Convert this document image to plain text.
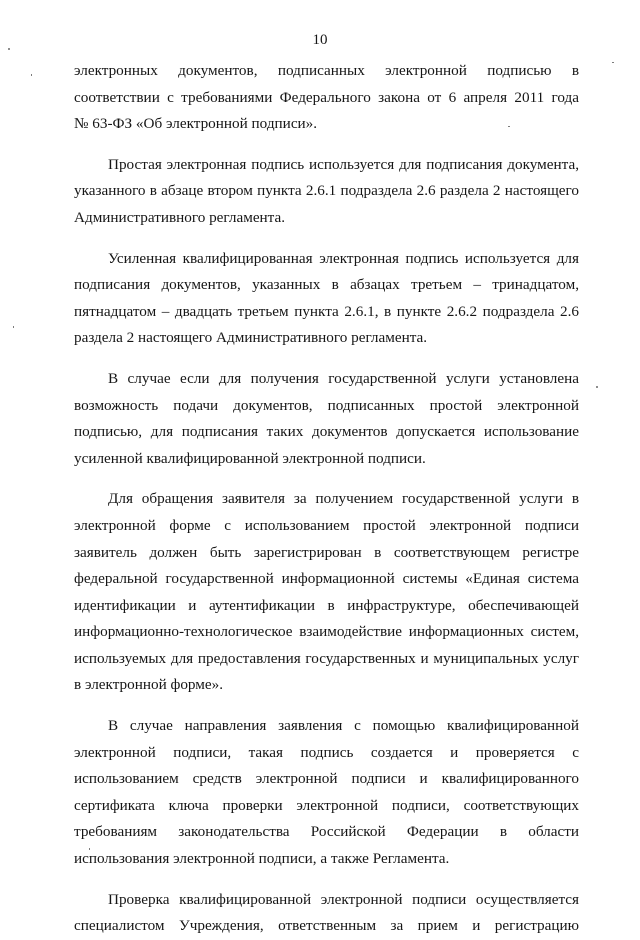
10
электронных документов, подписанных электронной подписью в
соответствии с требованиями Федерального закона от 6 апреля 2011 года
№ 63-ФЗ «Об электронной подписи».
Простая электронная подпись используется для подписания документа,
указанного в абзаце втором пункта 2.6.1 подраздела 2.6 раздела 2 настоящего
Административного регламента.
Усиленная квалифицированная электронная подпись используется для
подписания документов, указанных в абзацах третьем – тринадцатом,
пятнадцатом – двадцать третьем пункта 2.6.1, в пункте 2.6.2 подраздела 2.6
раздела 2 настоящего Административного регламента.
В случае если для получения государственной услуги установлена
возможность подачи документов, подписанных простой электронной
подписью, для подписания таких документов допускается использование
усиленной квалифицированной электронной подписи.
Для обращения заявителя за получением государственной услуги в
электронной форме с использованием простой электронной подписи
заявитель должен быть зарегистрирован в соответствующем регистре
федеральной государственной информационной системы «Единая система
идентификации и аутентификации в инфраструктуре, обеспечивающей
информационно-технологическое взаимодействие информационных систем,
используемых для предоставления государственных и муниципальных услуг
в электронной форме».
В случае направления заявления с помощью квалифицированной
электронной подписи, такая подпись создается и проверяется с
использованием средств электронной подписи и квалифицированного
сертификата ключа проверки электронной подписи, соответствующих
требованиям законодательства Российской Федерации в области
использования электронной подписи, а также Регламента.
Проверка квалифицированной электронной подписи осуществляется
специалистом Учреждения, ответственным за прием и регистрацию
